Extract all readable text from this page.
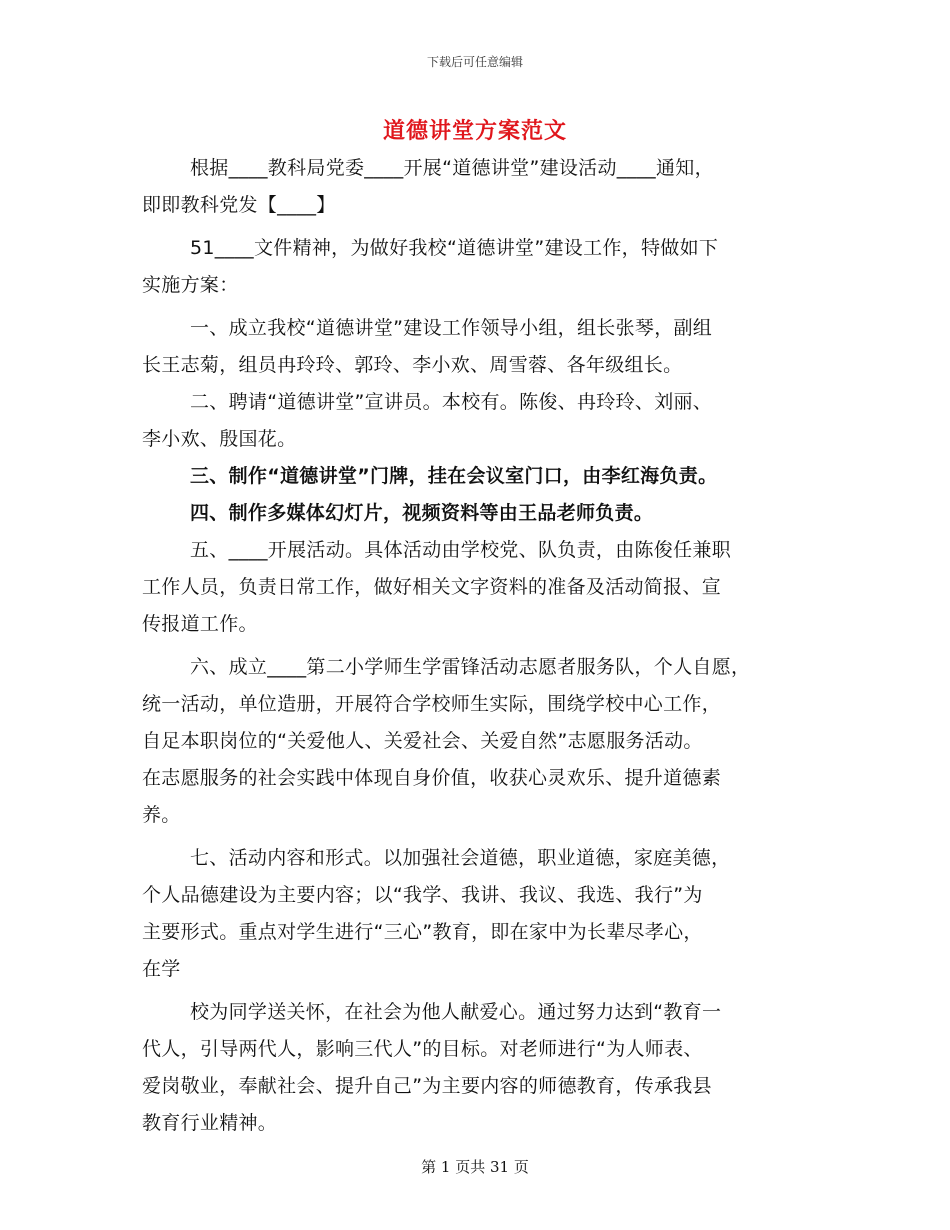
下载后可任意编辑
道德讲堂方案范文
根据____教科局党委____开展“道德讲堂”建设活动____通知，
即即教科党发【____】
51____文件精神，为做好我校“道德讲堂”建设工作，特做如下
实施方案：
一、成立我校“道德讲堂”建设工作领导小组，组长张琴，副组
长王志菊，组员冉玲玲、郭玲、李小欢、周雪蓉、各年级组长。
二、聘请“道德讲堂”宣讲员。本校有。陈俊、冉玲玲、刘丽、
李小欢、殷国花。
三、制作“道德讲堂”门牌，挂在会议室门口，由李红海负责。
四、制作多媒体幻灯片，视频资料等由王品老师负责。
五、____开展活动。具体活动由学校党、队负责，由陈俊任兼职
工作人员，负责日常工作，做好相关文字资料的准备及活动简报、宣
传报道工作。
六、成立____第二小学师生学雷锋活动志愿者服务队，个人自愿，
统一活动，单位造册，开展符合学校师生实际，围绕学校中心工作，
自足本职岗位的“关爱他人、关爱社会、关爱自然”志愿服务活动。
在志愿服务的社会实践中体现自身价值，收获心灵欢乐、提升道德素
养。
七、活动内容和形式。以加强社会道德，职业道德，家庭美德，
个人品德建设为主要内容；以“我学、我讲、我议、我选、我行”为
主要形式。重点对学生进行“三心”教育，即在家中为长辈尽孝心，
在学
校为同学送关怀，在社会为他人献爱心。通过努力达到“教育一
代人，引导两代人，影响三代人”的目标。对老师进行“为人师表、
爱岗敬业，奉献社会、提升自己”为主要内容的师德教育，传承我县
教育行业精神。
第 1 页共 31 页
